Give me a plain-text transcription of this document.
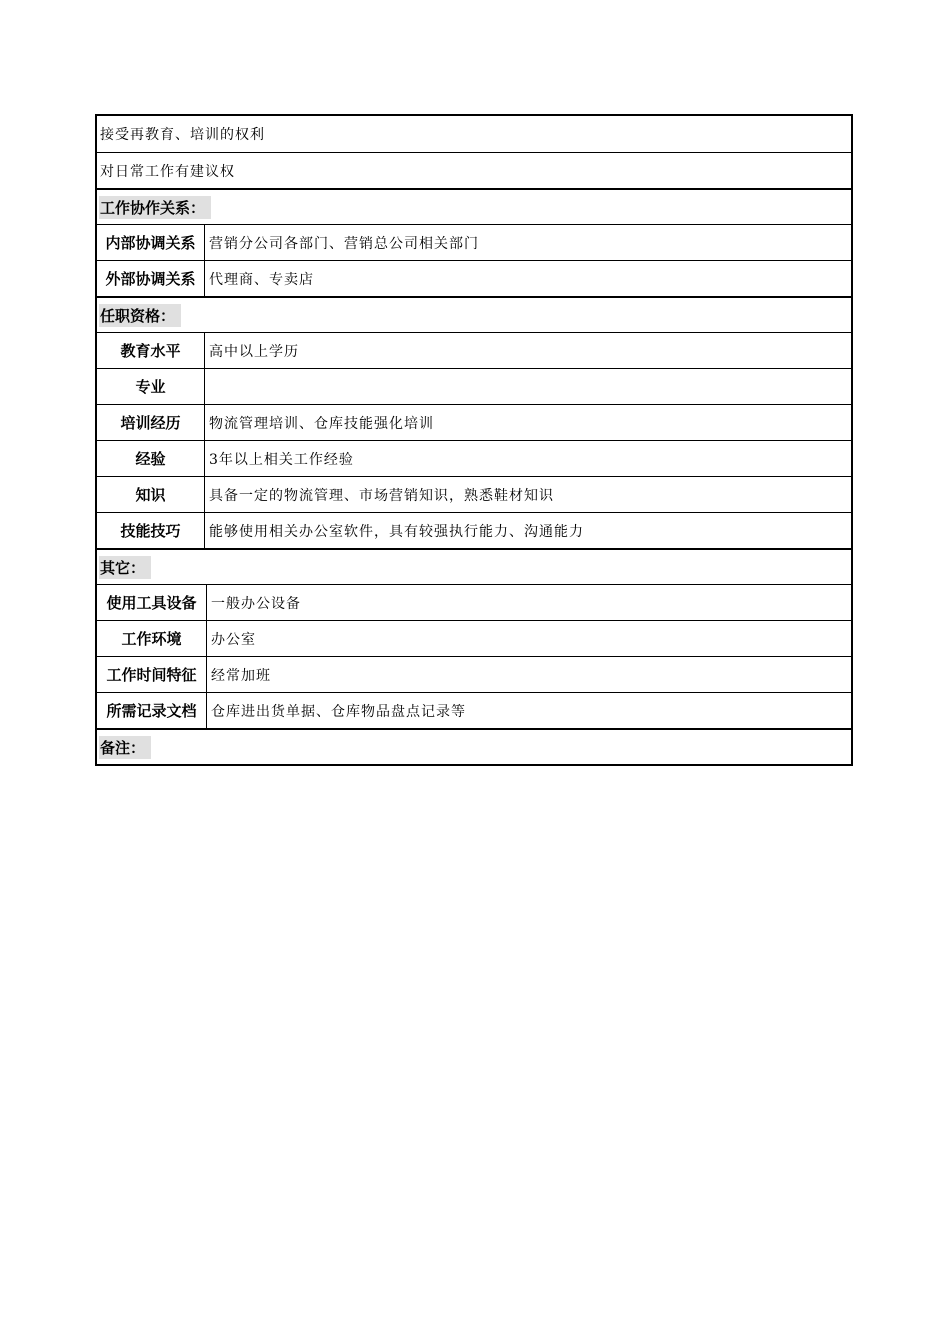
接受再教育、培训的权利
对日常工作有建议权
工作协作关系：
内部协调关系 营销分公司各部门、营销总公司相关部门
外部协调关系 代理商、专卖店
任职资格：
教育水平	高中以上学历
专业
培训经历	物流管理培训、仓库技能强化培训
经验	3年以上相关工作经验
知识	具备一定的物流管理、市场营销知识，熟悉鞋材知识
技能技巧	能够使用相关办公室软件，具有较强执行能力、沟通能力
其它：
使用工具设备	一般办公设备
工作环境	办公室
工作时间特征	经常加班
所需记录文档	仓库进出货单据、仓库物品盘点记录等
备注：
